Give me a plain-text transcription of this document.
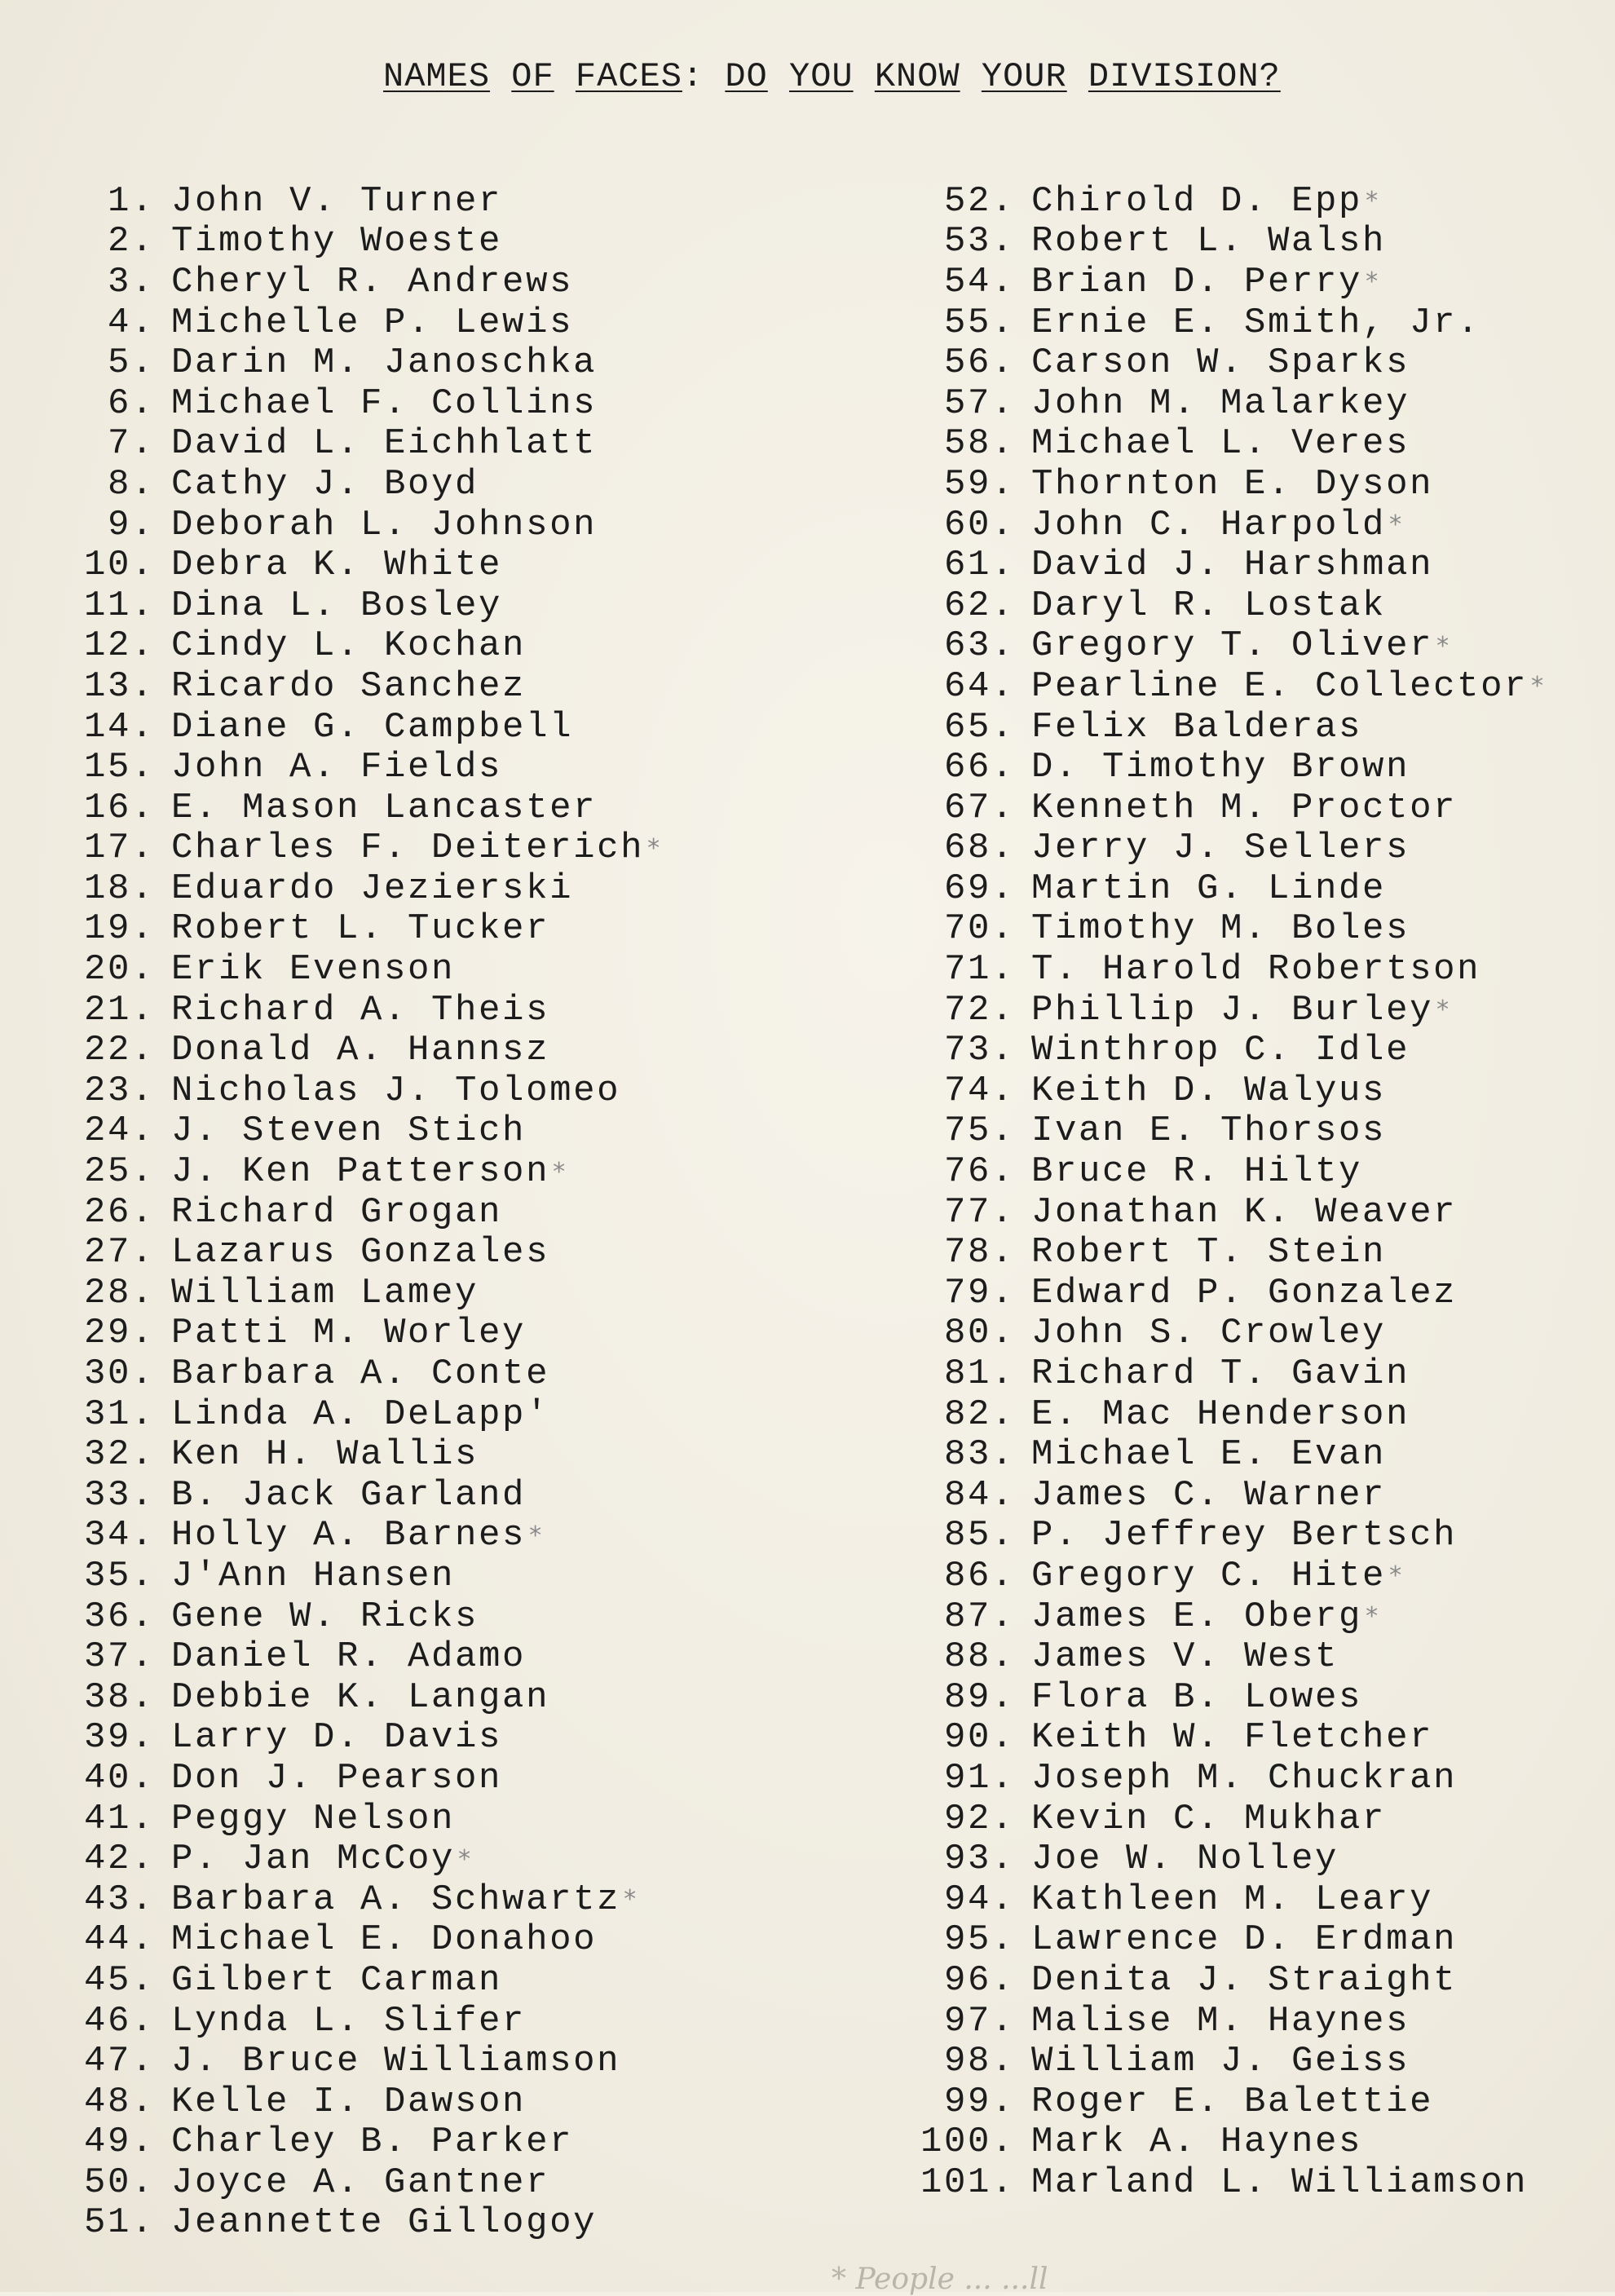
NAMES OF FACES: DO YOU KNOW YOUR DIVISION?
1. John V. Turner
2. Timothy Woeste
3. Cheryl R. Andrews
4. Michelle P. Lewis
5. Darin M. Janoschka
6. Michael F. Collins
7. David L. Eichhlatt
8. Cathy J. Boyd
9. Deborah L. Johnson
10. Debra K. White
11. Dina L. Bosley
12. Cindy L. Kochan
13. Ricardo Sanchez
14. Diane G. Campbell
15. John A. Fields
16. E. Mason Lancaster
17. Charles F. Deiterich *
18. Eduardo Jezierski
19. Robert L. Tucker
20. Erik Evenson
21. Richard A. Theis
22. Donald A. Hannsz
23. Nicholas J. Tolomeo
24. J. Steven Stich
25. J. Ken Patterson *
26. Richard Grogan
27. Lazarus Gonzales
28. William Lamey
29. Patti M. Worley
30. Barbara A. Conte
31. Linda A. DeLapp'
32. Ken H. Wallis
33. B. Jack Garland
34. Holly A. Barnes *
35. J'Ann Hansen
36. Gene W. Ricks
37. Daniel R. Adamo
38. Debbie K. Langan
39. Larry D. Davis
40. Don J. Pearson
41. Peggy Nelson
42. P. Jan McCoy *
43. Barbara A. Schwartz *
44. Michael E. Donahoo
45. Gilbert Carman
46. Lynda L. Slifer
47. J. Bruce Williamson
48. Kelle I. Dawson
49. Charley B. Parker
50. Joyce A. Gantner
51. Jeannette Gillogoy
52. Chirold D. Epp *
53. Robert L. Walsh
54. Brian D. Perry *
55. Ernie E. Smith, Jr.
56. Carson W. Sparks
57. John M. Malarkey
58. Michael L. Veres
59. Thornton E. Dyson
60. John C. Harpold *
61. David J. Harshman
62. Daryl R. Lostak
63. Gregory T. Oliver *
64. Pearline E. Collector *
65. Felix Balderas
66. D. Timothy Brown
67. Kenneth M. Proctor
68. Jerry J. Sellers
69. Martin G. Linde
70. Timothy M. Boles
71. T. Harold Robertson
72. Phillip J. Burley *
73. Winthrop C. Idle
74. Keith D. Walyus
75. Ivan E. Thorsos
76. Bruce R. Hilty
77. Jonathan K. Weaver
78. Robert T. Stein
79. Edward P. Gonzalez
80. John S. Crowley
81. Richard T. Gavin
82. E. Mac Henderson
83. Michael E. Evan
84. James C. Warner
85. P. Jeffrey Bertsch
86. Gregory C. Hite *
87. James E. Oberg *
88. James V. West
89. Flora B. Lowes
90. Keith W. Fletcher
91. Joseph M. Chuckran
92. Kevin C. Mukhar
93. Joe W. Nolley
94. Kathleen M. Leary
95. Lawrence D. Erdman
96. Denita J. Straight
97. Malise M. Haynes
98. William J. Geiss
99. Roger E. Balettie
100. Mark A. Haynes
101. Marland L. Williamson
* People ... ...ll
